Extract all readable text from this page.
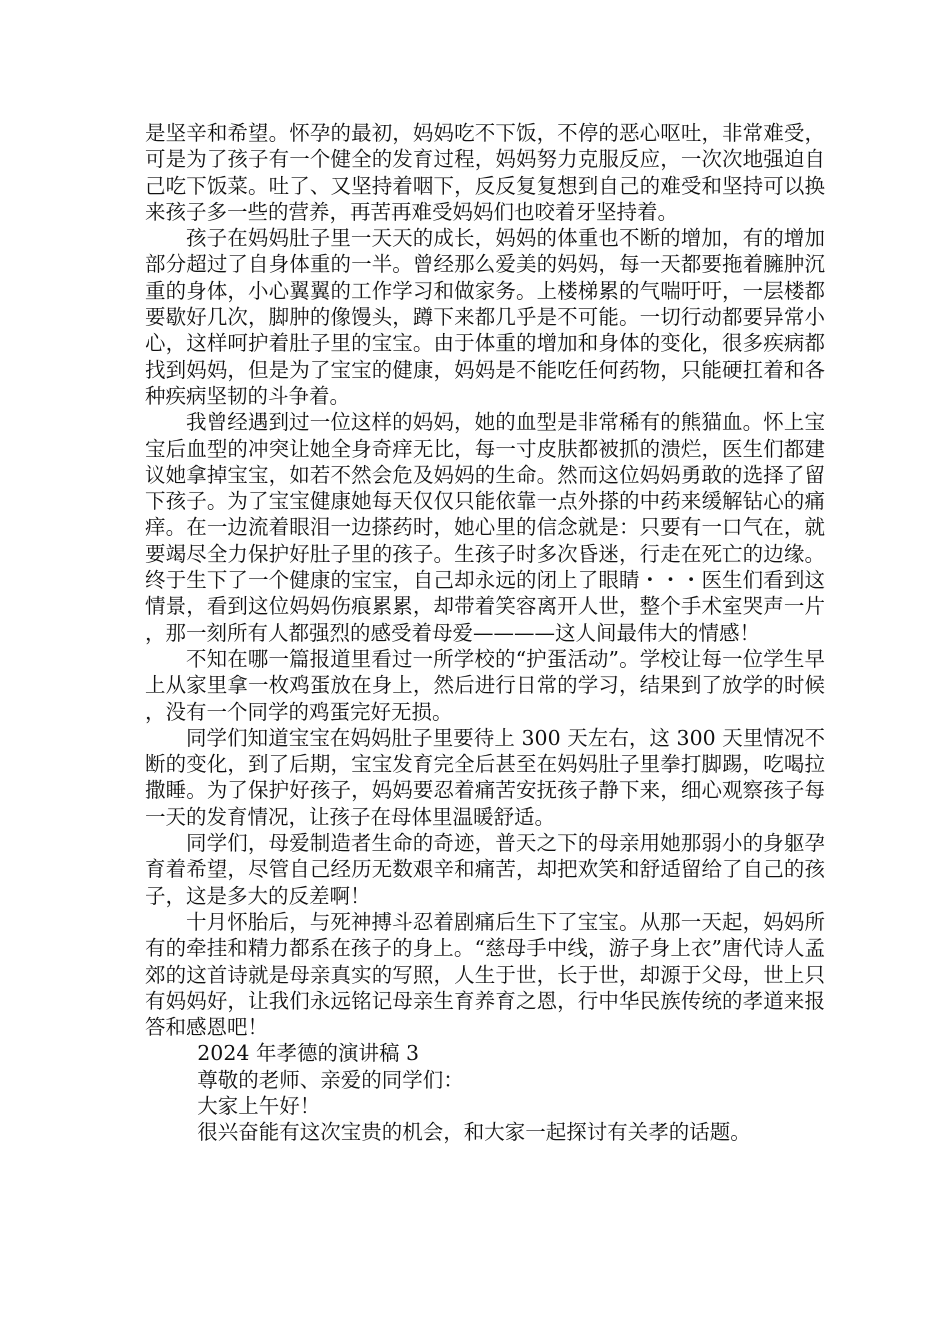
是坚辛和希望。怀孕的最初，妈妈吃不下饭，不停的恶心呕吐，非常难受，可是为了孩子有一个健全的发育过程，妈妈努力克服反应，一次次地强迫自己吃下饭菜。吐了、又坚持着咽下，反反复复想到自己的难受和坚持可以换来孩子多一些的营养，再苦再难受妈妈们也咬着牙坚持着。

孩子在妈妈肚子里一天天的成长，妈妈的体重也不断的增加，有的增加部分超过了自身体重的一半。曾经那么爱美的妈妈，每一天都要拖着臃肿沉重的身体，小心翼翼的工作学习和做家务。上楼梯累的气喘吁吁，一层楼都要歇好几次，脚肿的像馒头，蹲下来都几乎是不可能。一切行动都要异常小心，这样呵护着肚子里的宝宝。由于体重的增加和身体的变化，很多疾病都找到妈妈，但是为了宝宝的健康，妈妈是不能吃任何药物，只能硬扛着和各种疾病坚韧的斗争着。

我曾经遇到过一位这样的妈妈，她的血型是非常稀有的熊猫血。怀上宝宝后血型的冲突让她全身奇痒无比，每一寸皮肤都被抓的溃烂，医生们都建议她拿掉宝宝，如若不然会危及妈妈的生命。然而这位妈妈勇敢的选择了留下孩子。为了宝宝健康她每天仅仅只能依靠一点外搽的中药来缓解钻心的痛痒。在一边流着眼泪一边搽药时，她心里的信念就是：只要有一口气在，就要竭尽全力保护好肚子里的孩子。生孩子时多次昏迷，行走在死亡的边缘。终于生下了一个健康的宝宝，自己却永远的闭上了眼睛・・・医生们看到这情景，看到这位妈妈伤痕累累，却带着笑容离开人世，整个手术室哭声一片，那一刻所有人都强烈的感受着母爱————这人间最伟大的情感！

不知在哪一篇报道里看过一所学校的“护蛋活动”。学校让每一位学生早上从家里拿一枚鸡蛋放在身上，然后进行日常的学习，结果到了放学的时候，没有一个同学的鸡蛋完好无损。

同学们知道宝宝在妈妈肚子里要待上 300 天左右，这 300 天里情况不断的变化，到了后期，宝宝发育完全后甚至在妈妈肚子里拳打脚踢，吃喝拉撒睡。为了保护好孩子，妈妈要忍着痛苦安抚孩子静下来，细心观察孩子每一天的发育情况，让孩子在母体里温暖舒适。

同学们，母爱制造者生命的奇迹，普天之下的母亲用她那弱小的身躯孕育着希望，尽管自己经历无数艰辛和痛苦，却把欢笑和舒适留给了自己的孩子，这是多大的反差啊！

十月怀胎后，与死神搏斗忍着剧痛后生下了宝宝。从那一天起，妈妈所有的牵挂和精力都系在孩子的身上。“慈母手中线，游子身上衣”唐代诗人孟郊的这首诗就是母亲真实的写照，人生于世，长于世，却源于父母，世上只有妈妈好，让我们永远铭记母亲生育养育之恩，行中华民族传统的孝道来报答和感恩吧！

2024 年孝德的演讲稿 3

尊敬的老师、亲爱的同学们：

大家上午好！

很兴奋能有这次宝贵的机会，和大家一起探讨有关孝的话题。
